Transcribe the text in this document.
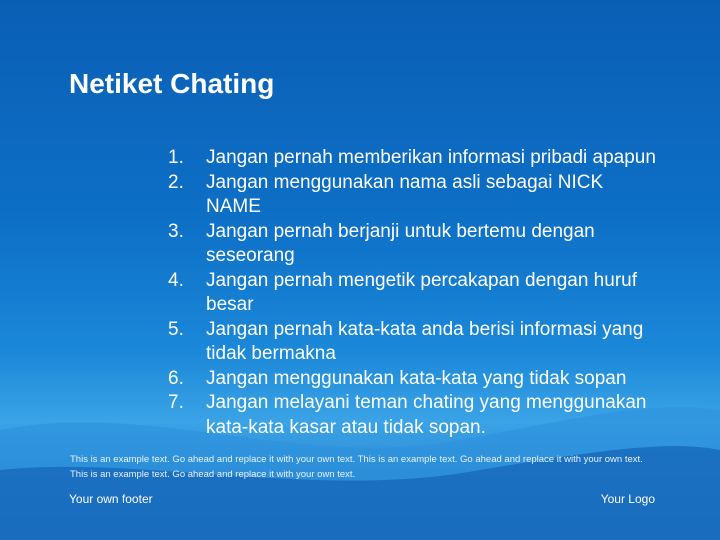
Netiket Chating
1. Jangan pernah memberikan informasi pribadi apapun
2. Jangan menggunakan nama asli sebagai NICK NAME
3. Jangan pernah berjanji untuk bertemu dengan seseorang
4. Jangan pernah mengetik percakapan dengan huruf besar
5. Jangan pernah kata-kata anda berisi informasi yang tidak bermakna
6. Jangan menggunakan kata-kata yang tidak sopan
7. Jangan melayani teman chating yang menggunakan kata-kata kasar atau tidak sopan.
This is an example text. Go ahead and replace it with your own text. This is an example text. Go ahead and replace it with your own text. This is an example text. Go ahead and replace it with your own text.
Your own footer	Your Logo
